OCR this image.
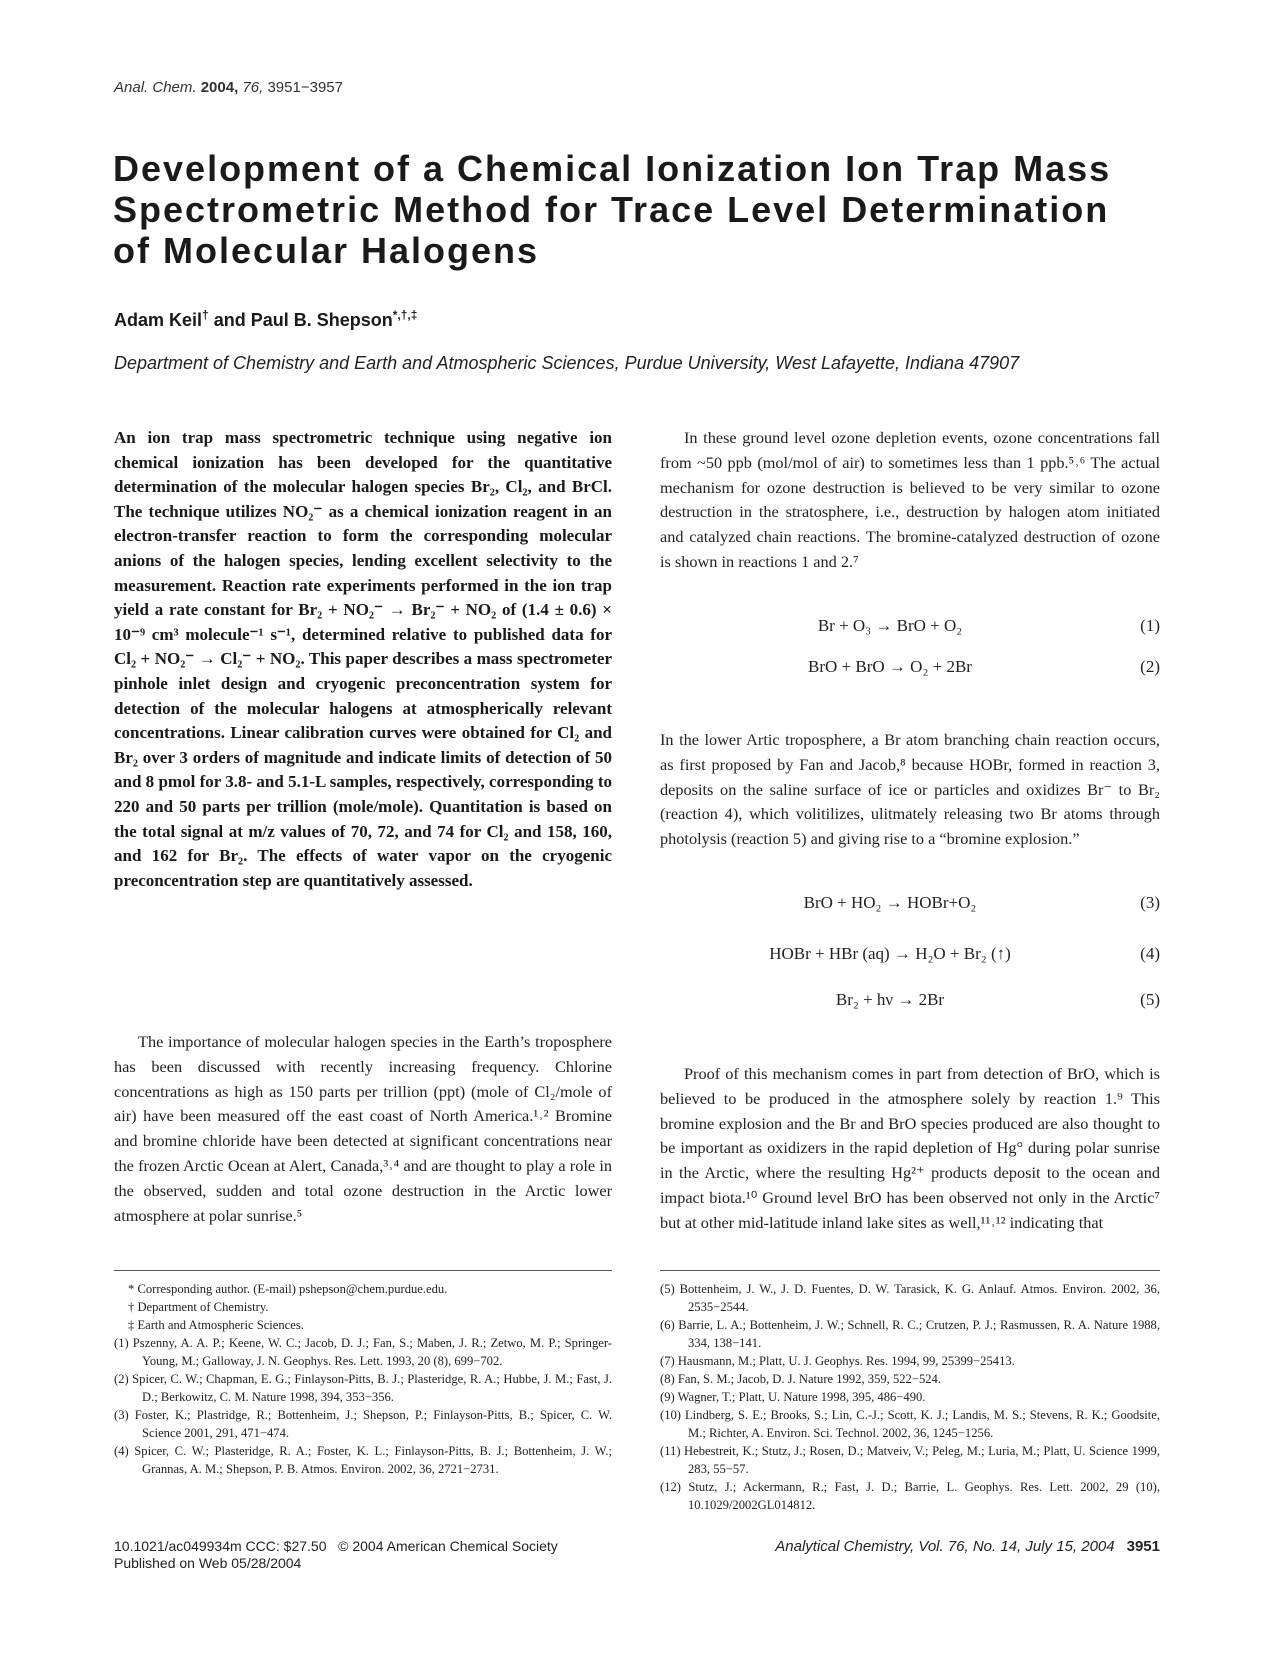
Anal. Chem. 2004, 76, 3951−3957
Development of a Chemical Ionization Ion Trap Mass Spectrometric Method for Trace Level Determination of Molecular Halogens
Adam Keil† and Paul B. Shepson*,†,‡
Department of Chemistry and Earth and Atmospheric Sciences, Purdue University, West Lafayette, Indiana 47907

An ion trap mass spectrometric technique using negative ion chemical ionization has been developed for the quantitative determination of the molecular halogen species Br₂, Cl₂, and BrCl. The technique utilizes NO₂⁻ as a chemical ionization reagent in an electron-transfer reaction to form the corresponding molecular anions of the halogen species, lending excellent selectivity to the measurement. Reaction rate experiments performed in the ion trap yield a rate constant for Br₂ + NO₂⁻ → Br₂⁻ + NO₂ of (1.4 ± 0.6) × 10⁻⁹ cm³ molecule⁻¹ s⁻¹, determined relative to published data for Cl₂ + NO₂⁻ → Cl₂⁻ + NO₂. This paper describes a mass spectrometer pinhole inlet design and cryogenic preconcentration system for detection of the molecular halogens at atmospherically relevant concentrations. Linear calibration curves were obtained for Cl₂ and Br₂ over 3 orders of magnitude and indicate limits of detection of 50 and 8 pmol for 3.8- and 5.1-L samples, respectively, corresponding to 220 and 50 parts per trillion (mole/mole). Quantitation is based on the total signal at m/z values of 70, 72, and 74 for Cl₂ and 158, 160, and 162 for Br₂. The effects of water vapor on the cryogenic preconcentration step are quantitatively assessed.

The importance of molecular halogen species in the Earth’s troposphere has been discussed with recently increasing frequency. Chlorine concentrations as high as 150 parts per trillion (ppt) (mole of Cl₂/mole of air) have been measured off the east coast of North America.¹˒² Bromine and bromine chloride have been detected at significant concentrations near the frozen Arctic Ocean at Alert, Canada,³˒⁴ and are thought to play a role in the observed, sudden and total ozone destruction in the Arctic lower atmosphere at polar sunrise.⁵

In these ground level ozone depletion events, ozone concentrations fall from ~50 ppb (mol/mol of air) to sometimes less than 1 ppb.⁵˒⁶ The actual mechanism for ozone destruction is believed to be very similar to ozone destruction in the stratosphere, i.e., destruction by halogen atom initiated and catalyzed chain reactions. The bromine-catalyzed destruction of ozone is shown in reactions 1 and 2.⁷

Br + O₃ → BrO + O₂	(1)
BrO + BrO → O₂ + 2Br	(2)

In the lower Artic troposphere, a Br atom branching chain reaction occurs, as first proposed by Fan and Jacob,⁸ because HOBr, formed in reaction 3, deposits on the saline surface of ice or particles and oxidizes Br⁻ to Br₂ (reaction 4), which volitilizes, ulitmately releasing two Br atoms through photolysis (reaction 5) and giving rise to a “bromine explosion.”

BrO + HO₂ → HOBr+O₂	(3)
HOBr + HBr (aq) → H₂O + Br₂ (↑)	(4)
Br₂ + hν → 2Br	(5)

Proof of this mechanism comes in part from detection of BrO, which is believed to be produced in the atmosphere solely by reaction 1.⁹ This bromine explosion and the Br and BrO species produced are also thought to be important as oxidizers in the rapid depletion of Hg° during polar sunrise in the Arctic, where the resulting Hg²⁺ products deposit to the ocean and impact biota.¹⁰ Ground level BrO has been observed not only in the Arctic⁷ but at other mid-latitude inland lake sites as well,¹¹˒¹² indicating that

* Corresponding author. (E-mail) pshepson@chem.purdue.edu.

† Department of Chemistry.

‡ Earth and Atmospheric Sciences.

(1) Pszenny, A. A. P.; Keene, W. C.; Jacob, D. J.; Fan, S.; Maben, J. R.; Zetwo, M. P.; Springer-Young, M.; Galloway, J. N. Geophys. Res. Lett. 1993, 20 (8), 699−702.

(2) Spicer, C. W.; Chapman, E. G.; Finlayson-Pitts, B. J.; Plasteridge, R. A.; Hubbe, J. M.; Fast, J. D.; Berkowitz, C. M. Nature 1998, 394, 353−356.

(3) Foster, K.; Plastridge, R.; Bottenheim, J.; Shepson, P.; Finlayson-Pitts, B.; Spicer, C. W. Science 2001, 291, 471−474.

(4) Spicer, C. W.; Plasteridge, R. A.; Foster, K. L.; Finlayson-Pitts, B. J.; Bottenheim, J. W.; Grannas, A. M.; Shepson, P. B. Atmos. Environ. 2002, 36, 2721−2731.

(5) Bottenheim, J. W., J. D. Fuentes, D. W. Tarasick, K. G. Anlauf. Atmos. Environ. 2002, 36, 2535−2544.

(6) Barrie, L. A.; Bottenheim, J. W.; Schnell, R. C.; Crutzen, P. J.; Rasmussen, R. A. Nature 1988, 334, 138−141.

(7) Hausmann, M.; Platt, U. J. Geophys. Res. 1994, 99, 25399−25413.

(8) Fan, S. M.; Jacob, D. J. Nature 1992, 359, 522−524.

(9) Wagner, T.; Platt, U. Nature 1998, 395, 486−490.

(10) Lindberg, S. E.; Brooks, S.; Lin, C.-J.; Scott, K. J.; Landis, M. S.; Stevens, R. K.; Goodsite, M.; Richter, A. Environ. Sci. Technol. 2002, 36, 1245−1256.

(11) Hebestreit, K.; Stutz, J.; Rosen, D.; Matveiv, V.; Peleg, M.; Luria, M.; Platt, U. Science 1999, 283, 55−57.

(12) Stutz, J.; Ackermann, R.; Fast, J. D.; Barrie, L. Geophys. Res. Lett. 2002, 29 (10), 10.1029/2002GL014812.

10.1021/ac049934m CCC: $27.50 © 2004 American Chemical Society
Published on Web 05/28/2004
Analytical Chemistry, Vol. 76, No. 14, July 15, 2004 3951
